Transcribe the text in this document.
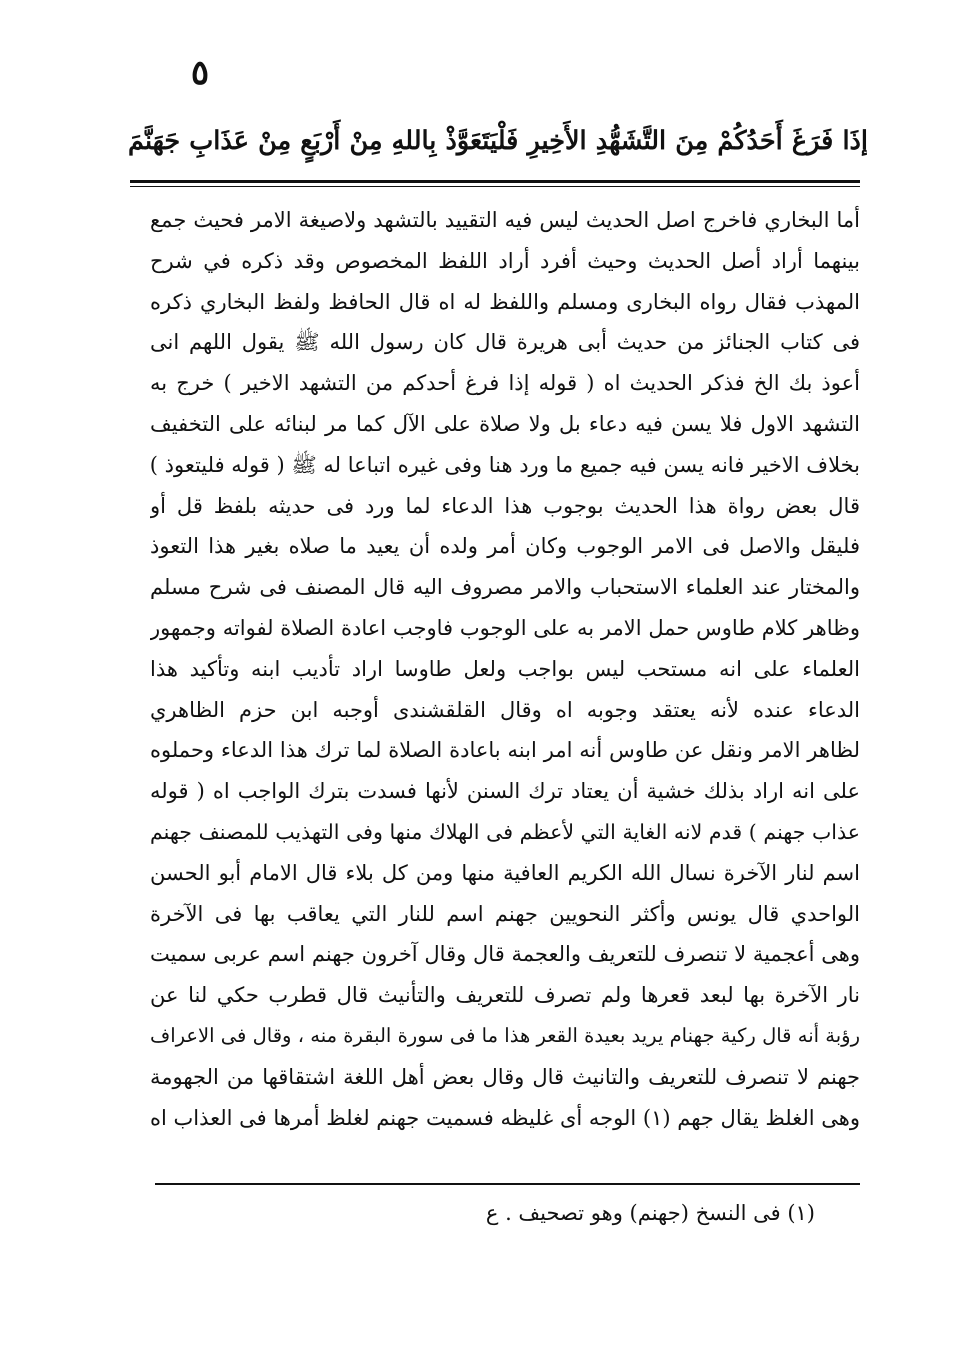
٥
إذَا فَرَغَ أَحَدُكُمْ مِنَ التَّشَهُّدِ الأَخِيرِ فَلْيَتَعَوَّذْ بِاللهِ مِنْ أَرْبَعٍ مِنْ عَذَابِ جَهَنَّمَ
أما البخاري فاخرج اصل الحديث ليس فيه التقييد بالتشهد ولاصيغة الامر فحيث جمع
بينهما أراد أصل الحديث وحيث أفرد أراد اللفظ المخصوص وقد ذكره في شرح
المهذب فقال رواه البخارى ومسلم واللفظ له اه قال الحافظ ولفظ البخاري ذكره
فى كتاب الجنائز من حديث أبى هريرة قال كان رسول الله ﷺ يقول اللهم انى
أعوذ بك الخ فذكر الحديث اه ( قوله إذا فرغ أحدكم من التشهد الاخير ) خرج به
التشهد الاول فلا يسن فيه دعاء بل ولا صلاة على الآل كما مر لبنائه على التخفيف
بخلاف الاخير فانه يسن فيه جميع ما ورد هنا وفى غيره اتباعا له ﷺ ( قوله فليتعوذ )
قال بعض رواة هذا الحديث بوجوب هذا الدعاء لما ورد فى حديثه بلفظ قل أو
فليقل والاصل فى الامر الوجوب وكان أمر ولده أن يعيد ما صلاه بغير هذا التعوذ
والمختار عند العلماء الاستحباب والامر مصروف اليه قال المصنف فى شرح مسلم
وظاهر كلام طاوس حمل الامر به على الوجوب فاوجب اعادة الصلاة لفواته وجمهور
العلماء على انه مستحب ليس بواجب ولعل طاوسا اراد تأديب ابنه وتأكيد هذا
الدعاء عنده لأنه يعتقد وجوبه اه وقال القلقشندى أوجبه ابن حزم الظاهري
لظاهر الامر ونقل عن طاوس أنه امر ابنه باعادة الصلاة لما ترك هذا الدعاء وحملوه
على انه اراد بذلك خشية أن يعتاد ترك السنن لأنها فسدت بترك الواجب اه ( قوله
عذاب جهنم ) قدم لانه الغاية التي لأعظم فى الهلاك منها وفى التهذيب للمصنف جهنم
اسم لنار الآخرة نسال الله الكريم العافية منها ومن كل بلاء قال الامام أبو الحسن
الواحدي قال يونس وأكثر النحويين جهنم اسم للنار التي يعاقب بها فى الآخرة
وهى أعجمية لا تنصرف للتعريف والعجمة قال وقال آخرون جهنم اسم عربى سميت
نار الآخرة بها لبعد قعرها ولم تصرف للتعريف والتأنيث قال قطرب حكي لنا عن
رؤبة أنه قال ركية جهنام يريد بعيدة القعر هذا ما فى سورة البقرة منه ، وقال فى الاعراف
جهنم لا تنصرف للتعريف والتانيث قال وقال بعض أهل اللغة اشتقاقها من الجهومة
وهى الغلظ يقال جهم (١) الوجه أى غليظه فسميت جهنم لغلظ أمرها فى العذاب اه
(١) فى النسخ (جهنم) وهو تصحيف . ع
